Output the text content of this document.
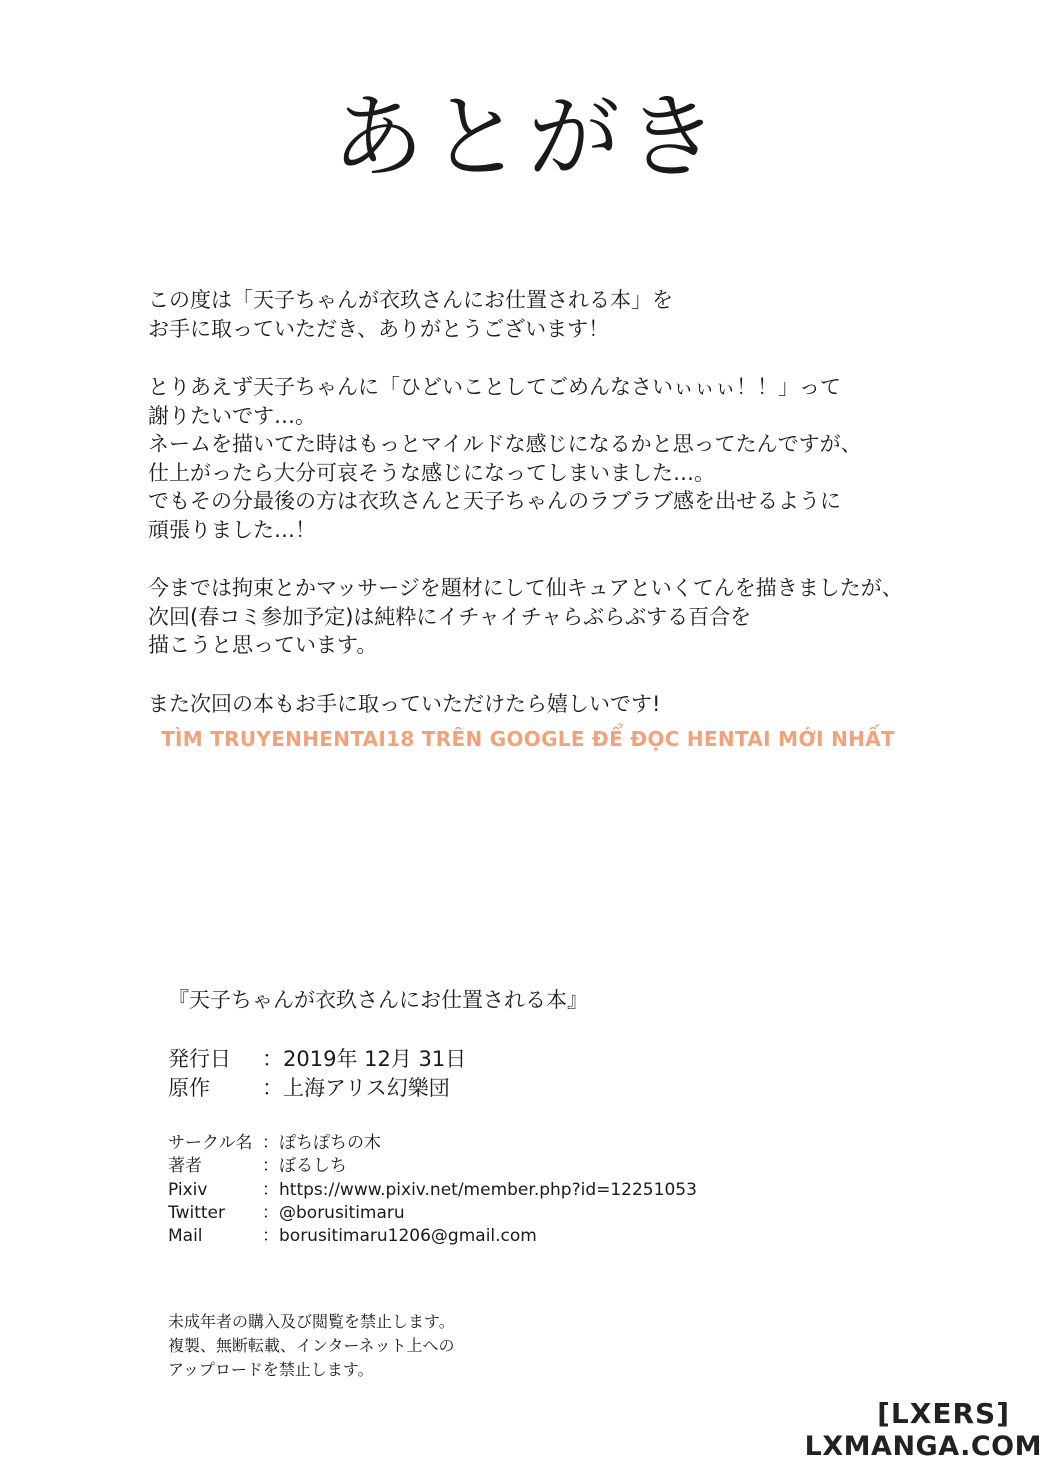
あとがき
この度は「天子ちゃんが衣玖さんにお仕置される本」を
お手に取っていただき、ありがとうございます！
とりあえず天子ちゃんに「ひどいことしてごめんなさいぃぃぃ！！」って
謝りたいです…。
ネームを描いてた時はもっとマイルドな感じになるかと思ってたんですが、
仕上がったら大分可哀そうな感じになってしまいました…。
でもその分最後の方は衣玖さんと天子ちゃんのラブラブ感を出せるように
頑張りました…！
今までは拘束とかマッサージを題材にして仙キュアといくてんを描きましたが、
次回(春コミ参加予定)は純粋にイチャイチャらぶらぶする百合を
描こうと思っています。
また次回の本もお手に取っていただけたら嬉しいです!
TÌM TRUYENHENTAI18 TRÊN GOOGLE ĐỂ ĐỌC HENTAI MỚI NHẤT
『天子ちゃんが衣玖さんにお仕置される本』
発行日 ：2019年 12月 31日
原作 ：上海アリス幻樂団
サークル名 ：ぽちぽちの木
著者	：ぼるしち
Pixiv	：https://www.pixiv.net/member.php?id=12251053
Twitter ：@borusitimaru
Mail	：borusitimaru1206@gmail.com
未成年者の購入及び閲覧を禁止します。
複製、無断転載、インターネット上への
アップロードを禁止します。
[LXERS]
LXMANGA.COM
